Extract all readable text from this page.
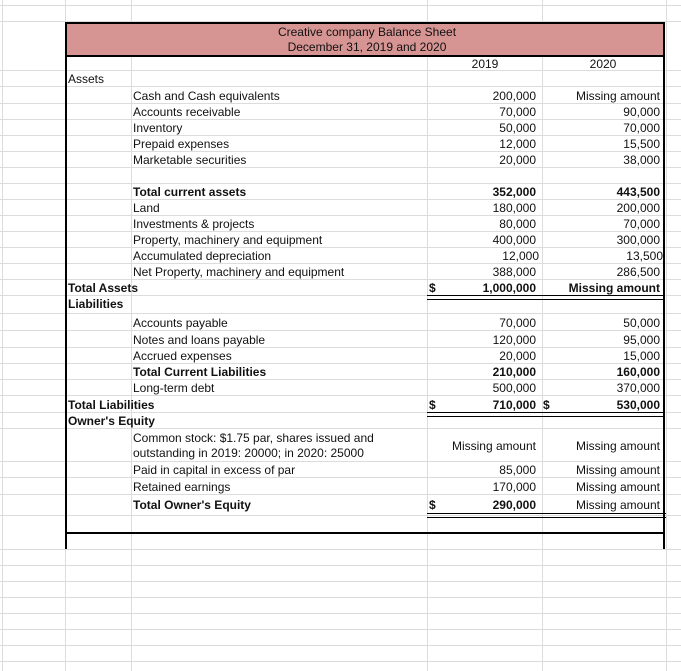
Creative company Balance Sheet
December 31, 2019 and 2020
2019	2020
Assets
Cash and Cash equivalents	200,000	Missing amount
Accounts receivable	70,000	90,000
Inventory	50,000	70,000
Prepaid expenses	12,000	15,500
Marketable securities	20,000	38,000
Total current assets	352,000	443,500
Land	180,000	200,000
Investments & projects	80,000	70,000
Property, machinery and equipment	400,000	300,000
Accumulated depreciation	12,000	13,500
Net Property, machinery and equipment	388,000	286,500
Total Assets	$	1,000,000	Missing amount
Liabilities
Accounts payable	70,000	50,000
Notes and loans payable	120,000	95,000
Accrued expenses	20,000	15,000
Total Current Liabilities	210,000	160,000
Long-term debt	500,000	370,000
Total Liabilities	$	710,000 $	530,000
Owner's Equity
Common stock: $1.75 par, shares issued and outstanding in 2019: 20000; in 2020: 25000	Missing amount	Missing amount
Paid in capital in excess of par	85,000	Missing amount
Retained earnings	170,000	Missing amount
Total Owner's Equity	$	290,000	Missing amount
